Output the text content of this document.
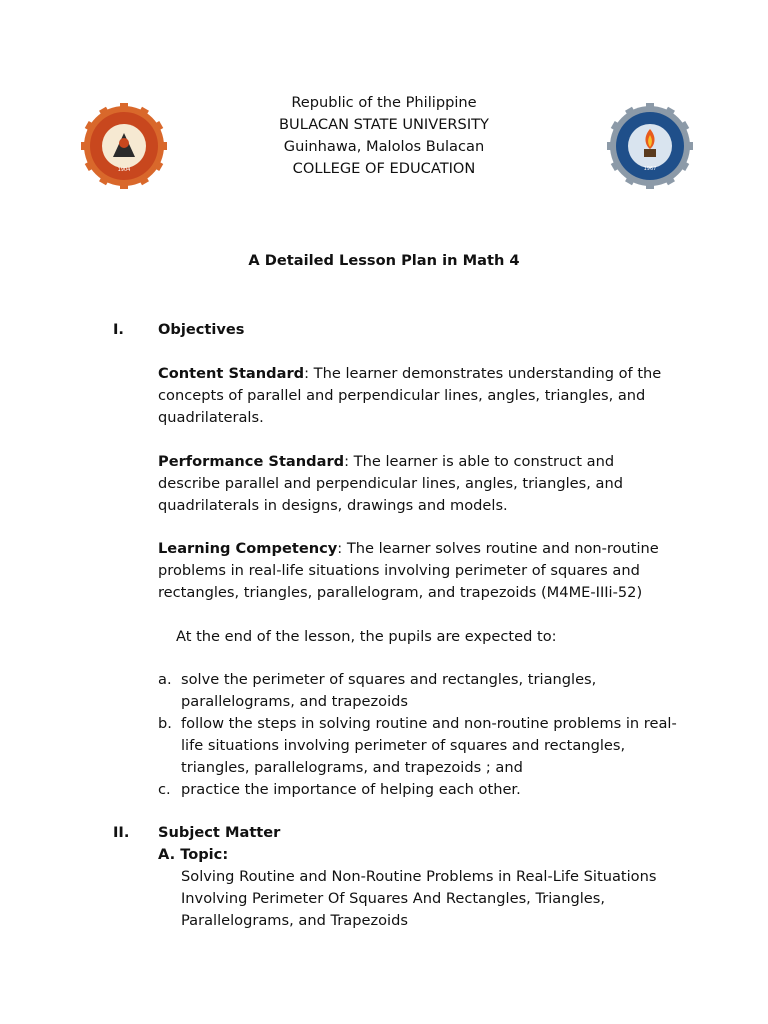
1904	1967
Republic of the Philippine
BULACAN STATE UNIVERSITY
Guinhawa, Malolos Bulacan
COLLEGE OF EDUCATION
A Detailed Lesson Plan in Math 4
I. Objectives
Content Standard: The learner demonstrates understanding of the concepts of parallel and perpendicular lines, angles, triangles, and quadrilaterals.
Performance Standard: The learner is able to construct and describe parallel and perpendicular lines, angles, triangles, and quadrilaterals in designs, drawings and models.
Learning Competency: The learner solves routine and non-routine problems in real-life situations involving perimeter of squares and rectangles, triangles, parallelogram, and trapezoids (M4ME-IIIi-52)
At the end of the lesson, the pupils are expected to:
a. solve the perimeter of squares and rectangles, triangles, parallelograms, and trapezoids
b. follow the steps in solving routine and non-routine problems in real-life situations involving perimeter of squares and rectangles, triangles, parallelograms, and trapezoids ; and
c. practice the importance of helping each other.
II. Subject Matter
A. Topic:
Solving Routine and Non-Routine Problems in Real-Life Situations Involving Perimeter Of Squares And Rectangles, Triangles, Parallelograms, and Trapezoids
